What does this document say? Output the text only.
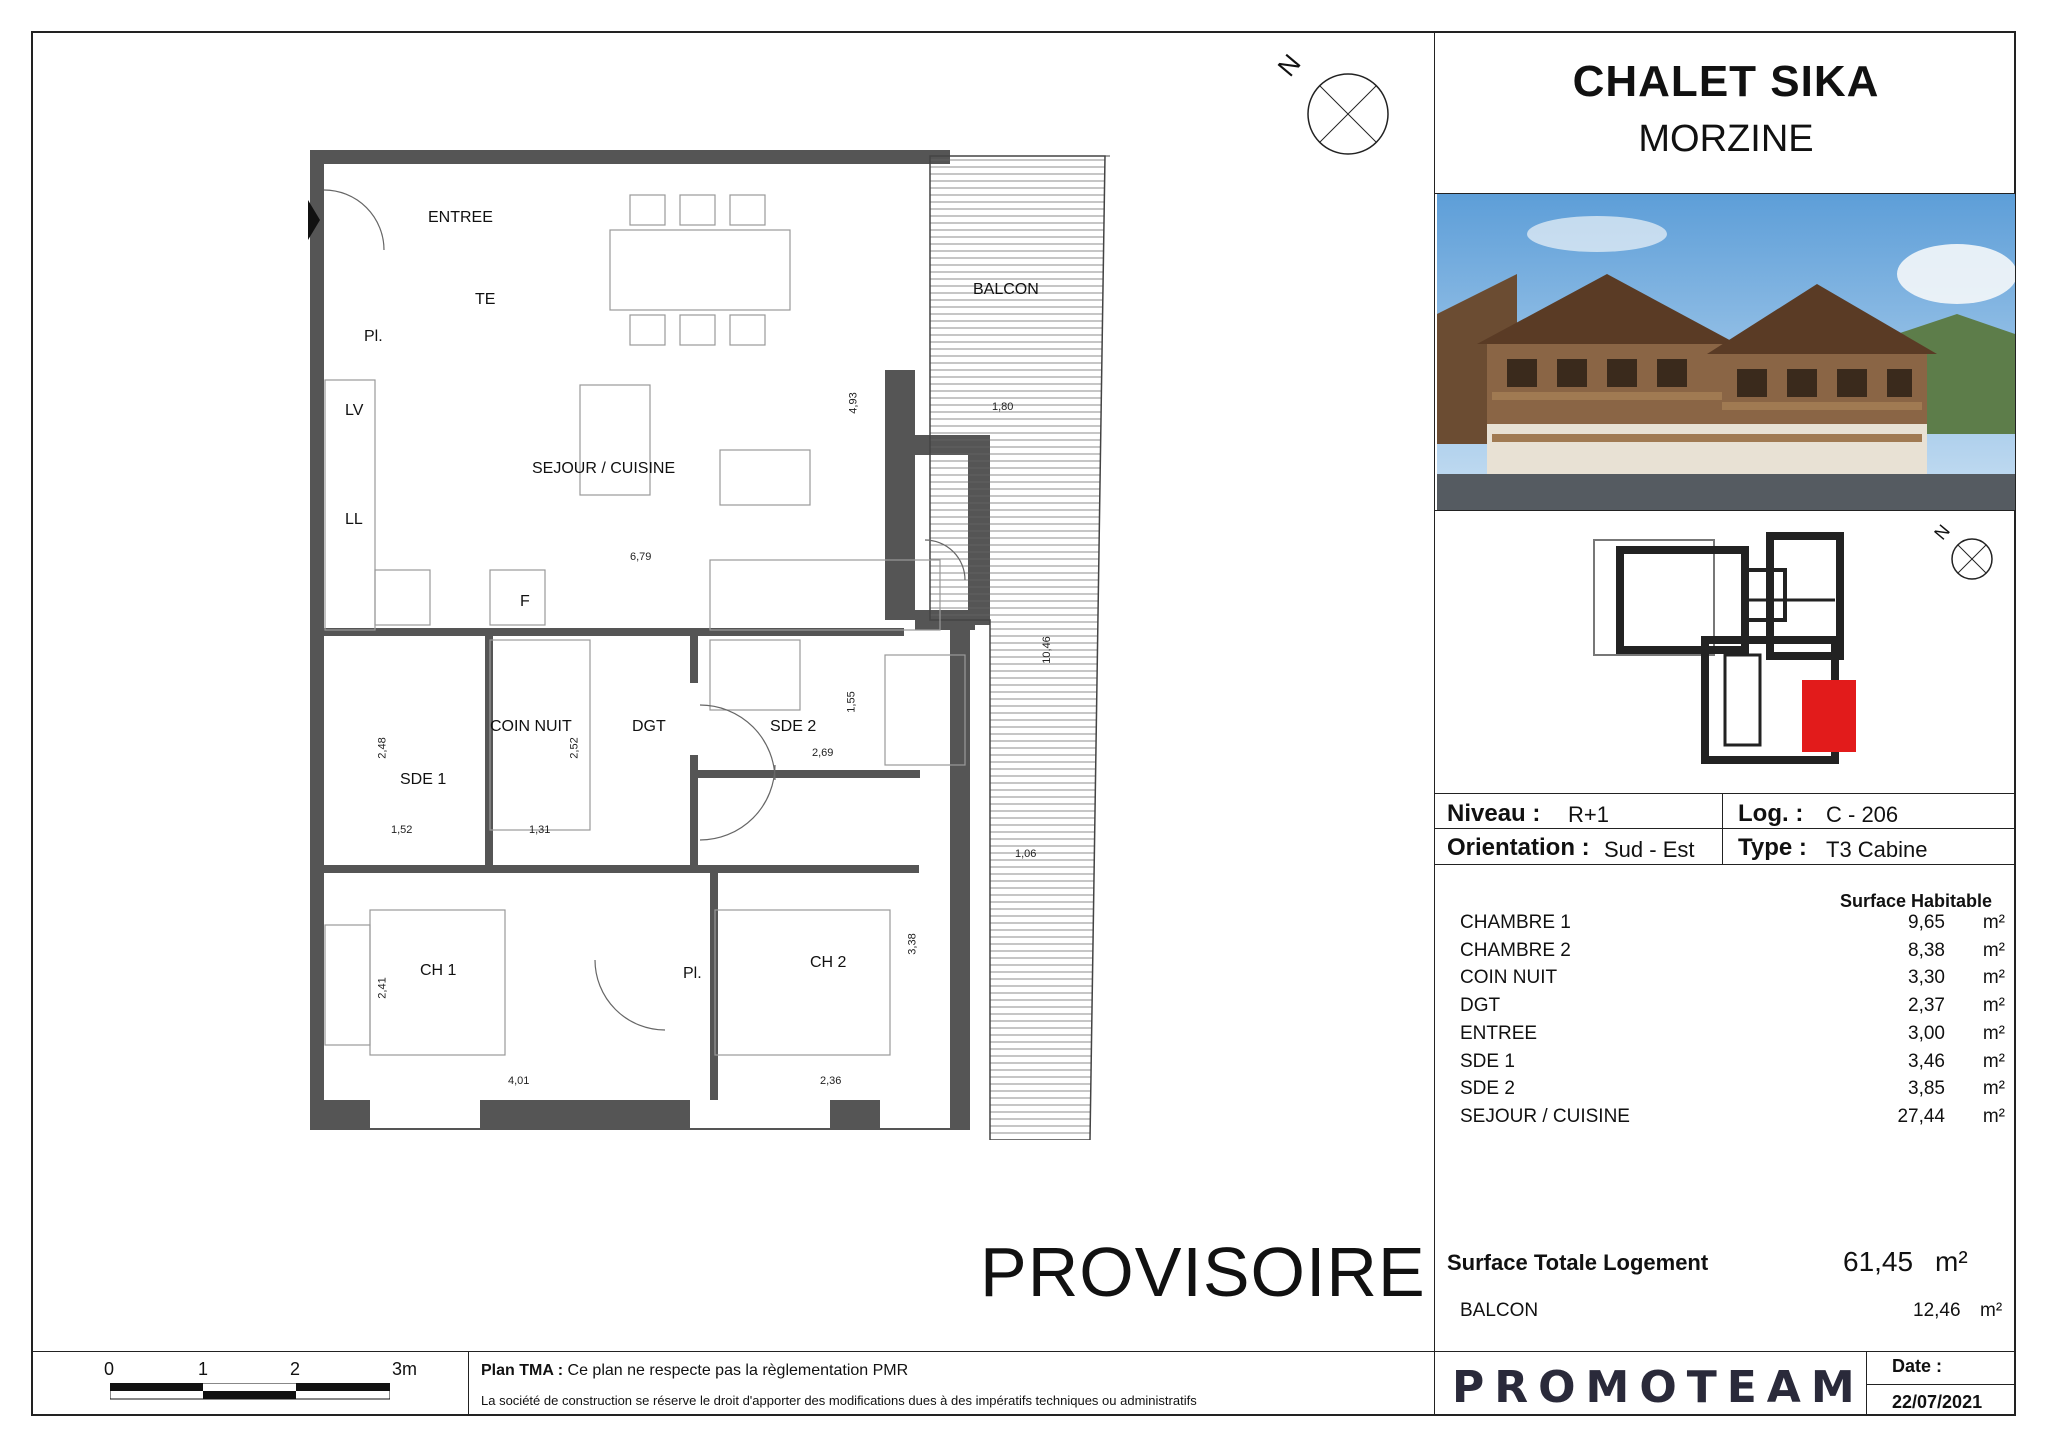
CHALET SIKA
MORZINE
N
Niveau : R+1	Log. : C - 206
Orientation : Sud - Est Type : T3 Cabine
Surface Habitable
CHAMBRE 1	9,65 m²
CHAMBRE 2	8,38 m²
COIN NUIT	3,30 m²
DGT	2,37 m²
ENTREE	3,00 m²
SDE 1	3,46 m²
SDE 2	3,85 m²
SEJOUR / CUISINE	27,44 m²
Surface Totale Logement	61,45 m²
BALCON	12,46 m²
PROVISOIRE
N
ENTREE
BALCON
TE
Pl.
LV
SEJOUR / CUISINE
LL
F
COIN NUIT	DGT	SDE 2
SDE 1
CH 1	CH 2
Pl.
1,80
4,93
6,79
10,46
1,55
2,48	2,52	2,69
1,52	1,31
1,06
3,38
2,41
4,01	2,36
0	1	2	3m	Plan TMA : Ce plan ne respecte pas la règlementation PMR
La société de construction se réserve le droit d'apporter des modifications dues à des impératifs techniques ou administratifs	PROMOTEAM Date :
22/07/2021
